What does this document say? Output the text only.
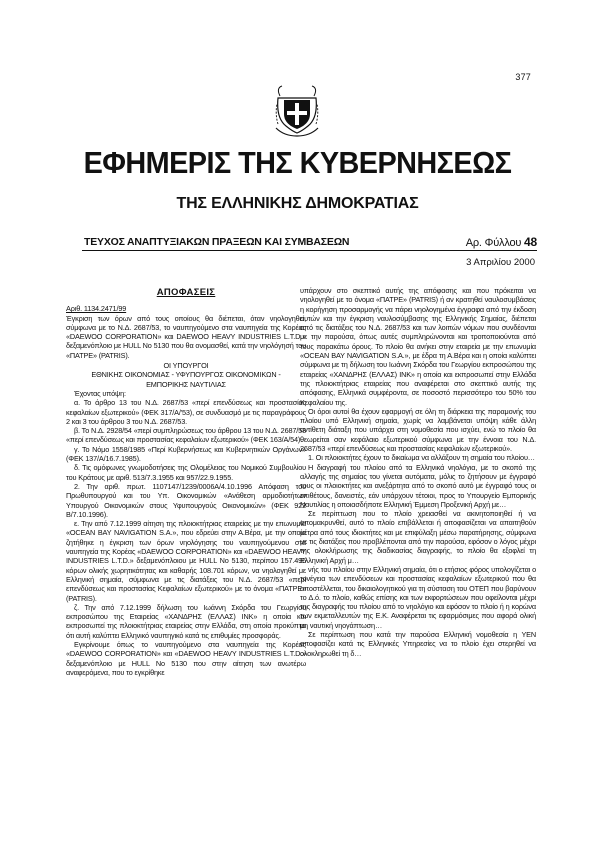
377
ΕΦΗΜΕΡΙΣ ΤΗΣ ΚΥΒΕΡΝΗΣΕΩΣ
ΤΗΣ ΕΛΛΗΝΙΚΗΣ ΔΗΜΟΚΡΑΤΙΑΣ
ΤΕΥΧΟΣ ΑΝΑΠΤΥΞΙΑΚΩΝ ΠΡΑΞΕΩΝ ΚΑΙ ΣΥΜΒΑΣΕΩΝ	Αρ. Φύλλου 48
3 Απριλίου 2000
ΑΠΟΦΑΣΕΙΣ
Αριθ. 1134.2471/99

Έγκριση των όρων από τους οποίους θα διέπεται, όταν νηολογηθεί, σύμφωνα με το Ν.Δ. 2687/53, το ναυπηγούμενο στα ναυπηγεία της Κορέας «DAEWOO CORPORATION» και DAEWOO HEAVY INDUSTRIES L.T.D.» δεξαμενόπλοιο με HULL No 5130 που θα ονομασθεί, κατά την νηολόγησή του «ΠΑΤΡΕ» (PATRIS).

ΟΙ ΥΠΟΥΡΓΟΙ

ΕΘΝΙΚΗΣ ΟΙΚΟΝΟΜΙΑΣ - ΥΦΥΠΟΥΡΓΟΣ ΟΙΚΟΝΟΜΙΚΩΝ - ΕΜΠΟΡΙΚΗΣ ΝΑΥΤΙΛΙΑΣ

Έχοντας υπόψη:

α. Το άρθρο 13 του Ν.Δ. 2687/53 «περί επενδύσεως και προστασίας κεφαλαίων εξωτερικού» (ΦΕΚ 317/Α/'53), σε συνδυασμό με τις παραγράφους 2 και 3 του άρθρου 3 του Ν.Δ. 2687/53.

β. Το Ν.Δ. 2928/54 «περί συμπληρώσεως του άρθρου 13 του Ν.Δ. 2687/53 «περί επενδύσεως και προστασίας κεφαλαίων εξωτερικού» (ΦΕΚ 163/Α/54).

γ. Το Νόμο 1558/1985 «Περί Κυβερνήσεως και Κυβερνητικών Οργάνων» (ΦΕΚ 137/Α/16.7.1985).

δ. Τις ομόφωνες γνωμοδοτήσεις της Ολομέλειας του Νομικού Συμβουλίου του Κράτους με αριθ. 513/7.3.1955 και 957/22.9.1955.

2. Την αριθ. πρωτ. 1107147/1239/0006Α/4.10.1996 Απόφαση του Πρωθυπουργού και του Υπ. Οικονομικών «Ανάθεση αρμοδιοτήτων Υπουργού Οικονομικών στους Υφυπουργούς Οικονομικών» (ΦΕΚ 922 Β/7.10.1996).

ε. Την από 7.12.1999 αίτηση της πλοιοκτήτριας εταιρείας με την επωνυμία «OCEAN BAY NAVIGATION S.A.», που εδρεύει στην Α.Βέρα, με την οποία ζητήθηκε η έγκριση των όρων νηολόγησης του ναυπηγούμενου στα ναυπηγεία της Κορέας «DAEWOO CORPORATION» και «DAEWOO HEAVY INDUSTRIES L.T.D.» δεξαμενόπλοιου με HULL No 5130, περίπου 157.496 κόρων ολικής χωρητικότητας και καθαρής 108.701 κόρων, να νηολογηθεί με Ελληνική σημαία, σύμφωνα με τις διατάξεις του Ν.Δ. 2687/53 «περί επενδύσεως και προστασίας Κεφαλαίων εξωτερικού» με το όνομα «ΠΑΤΡΕ» (PATRIS).

ζ. Την από 7.12.1999 δήλωση του Ιωάννη Σκόρδα του Γεωργίου εκπροσώπου της Εταιρείας «ΧΑΝΔΡΗΣ (ΕΛΛΑΣ) INK» η οποία και εκπροσωπεί της πλοιοκτήτριας εταιρείας στην Ελλάδα, στη οποία προκύπτει ότι αυτή καλύπτει Ελληνικό ναυπηγικό κατά τις επιθυμίες προσφοράς.

Εγκρίνουμε όπως το ναυπηγούμενο στα ναυπηγεία της Κορέας «DAEWOO CORPORATION» και «DAEWOO HEAVY INDUSTRIES L.T.D.» δεξαμενόπλοιο με HULL No 5130 που στην αίτηση των ανωτέρω αναφερόμενα, που το εγκρίθηκε

υπάρχουν στο σκεπτικό αυτής της απόφασης και που πρόκειται να νηολογηθεί με το όνομα «ΠΑΤΡΕ» (PATRIS) ή αν κρατηθεί ναυλοσυμβάσεις η κορήγηση προσαρμογής να πάρει νηολογημένα έγγραφα από την έκδοση αυτών και την έγκριση ναυλοσύμβασης της Ελληνικής Σημαίας, διέπεται από τις διατάξεις του Ν.Δ. 2687/53 και των λοιπών νόμων που συνδέονται με την παρούσα, όπως αυτές συμπληρώνονται και τροποποιούνται από τους παρακάτω όρους. Το πλοίο θα ανήκει στην εταιρεία με την επωνυμία «OCEAN BAY NAVIGATION S.A.», με έδρα τη Α.Βέρα και η οποία καλύπτει σύμφωνα με τη δήλωση του Ιωάννη Σκόρδα του Γεωργίου εκπροσώπου της εταιρείας «ΧΑΝΔΡΗΣ (ΕΛΛΑΣ) INK» η οποία και εκπροσωπεί στην Ελλάδα της πλοιοκτήτριας εταιρείας που αναφέρεται στο σκεπτικό αυτής της απόφασης, Ελληνικά συμφέροντα, σε ποσοστό περισσότερο του 50% του Κεφαλαίου της.

Οι όροι αυτοί θα έχουν εφαρμογή σε όλη τη διάρκεια της παραμονής του πλοίου υπό Ελληνική σημαία, χωρίς να λαμβάνεται υπόψη κάθε άλλη αντίθετη διάταξη που υπάρχει στη νομοθεσία που ισχύει, ενώ το πλοίο θα θεωρείται σαν κεφάλαιο εξωτερικού σύμφωνα με την έννοια του Ν.Δ. 2687/53 «περί επενδύσεως και προστασίας κεφαλαίων εξωτερικού».

1. Οι πλοιοκτήτες έχουν το δικαίωμα να αλλάξουν τη σημαία του πλοίου…

Η διαγραφή του πλοίου από τα Ελληνικά νηολόγια, με το σκοπό της αλλαγής της σημαίας του γίνεται αυτόματα, μόλις το ζητήσουν με έγγραφό τους οι πλοιοκτήτες και ανεξάρτητα από το σκοπό αυτό με έγγραφό τους οι επιθέτους, δανειστές, εάν υπάρχουν τέτοιοι, προς το Υπουργείο Εμπορικής Ναυτιλίας η οποιασδήποτε Ελληνική Έμμεση Προξενική Αρχή με…

Σε περίπτωση που το πλοίο χρειασθεί να ακινητοποιηθεί ή να απομακρυνθεί, αυτό το πλοίο επιβάλλεται ή αποφασίζεται να απαιτηθούν μέτρα από τους ιδιοκτήτες και με επιφύλαξη μέσω παρατήρησης, σύμφωνα με τις διατάξεις που προβλέπονται από την παρούσα, εφόσον ο λόγος μέχρι της ολοκλήρωσης της διαδικασίας διαγραφής, το πλοίο θα εξοφλεί τη Ελληνική Αρχή μ…

νής του πλοίου στην Ελληνική σημαία, ότι ο ετήσιος φόρος υπολογίζεται ο τονέγεια των επενδύσεων και προστασίας κεφαλαίων εξωτερικού που θα αποστέλλεται, του δικαιολογητικού για τη σύσταση του ΟΤΕΠ που βαρύνουν το Δ.ό. το πλοίο, καθώς επίσης και των εκφορτώσεων που οφείλονται μέχρι της διαγραφής του πλοίου από το νηολόγιο και εφόσον το πλοίο ή η κορώνα των εκμεταλλευτών της Ε.Κ. Αναφέρεται τις εφαρμόσιμες που αφορά ολική μη ναυτική νηογάπτωση…

Σε περίπτωση που κατά την παρούσα Ελληνική νομοθεσία η ΥΕΝ αποφασίζει κατά τις Ελληνικές Υπηρεσίες να το πλοίο έχει στερηθεί να ολοκληρωθεί τη δ…
